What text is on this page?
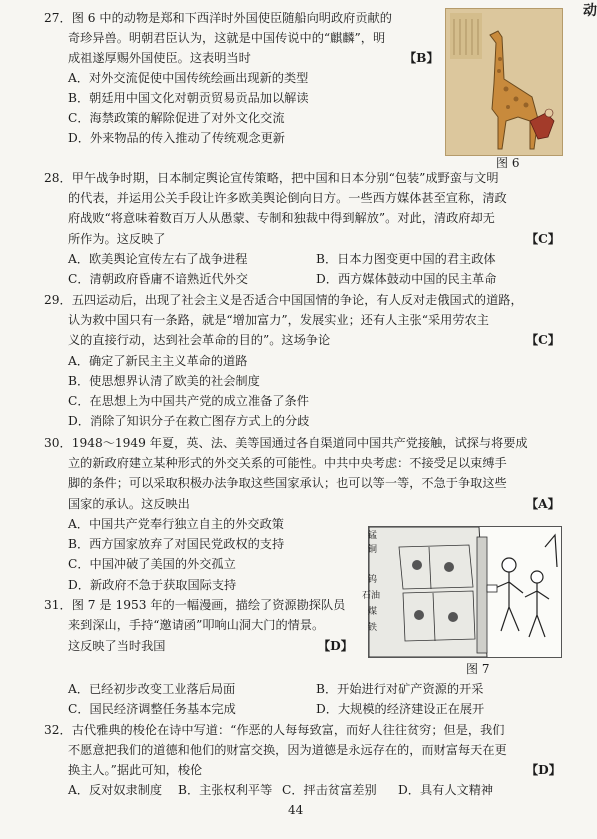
动
27．图 6 中的动物是郑和下西洋时外国使臣随船向明政府贡献的
奇珍异兽。明朝君臣认为，这就是中国传说中的“麒麟”，明
成祖遂厚赐外国使臣。这表明当时	【B】
A．对外交流促使中国传统绘画出现新的类型
B．朝廷用中国文化对朝贡贸易贡品加以解读
C．海禁政策的解除促进了对外文化交流
D．外来物品的传入推动了传统观念更新
图 6
28．甲午战争时期，日本制定舆论宣传策略，把中国和日本分别“包装”成野蛮与文明
的代表，并运用公关手段让许多欧美舆论倒向日方。一些西方媒体甚至宣称，清政
府战败“将意味着数百万人从愚蒙、专制和独裁中得到解放”。对此，清政府却无
所作为。这反映了	【C】
A．欧美舆论宣传左右了战争进程	B．日本力图变更中国的君主政体
C．清朝政府昏庸不谙熟近代外交	D．西方媒体鼓动中国的民主革命
29．五四运动后，出现了社会主义是否适合中国国情的争论，有人反对走俄国式的道路，
认为救中国只有一条路，就是“增加富力”，发展实业；还有人主张“采用劳农主
义的直接行动，达到社会革命的目的”。这场争论	【C】
A．确定了新民主主义革命的道路
B．使思想界认清了欧美的社会制度
C．在思想上为中国共产党的成立准备了条件
D．消除了知识分子在救亡图存方式上的分歧
30．1948～1949 年夏，英、法、美等国通过各自渠道同中国共产党接触，试探与将要成
立的新政府建立某种形式的外交关系的可能性。中共中央考虑：不接受足以束缚手
脚的条件；可以采取积极办法争取这些国家承认；也可以等一等，不急于争取这些
国家的承认。这反映出	【A】
A．中国共产党奉行独立自主的外交政策
B．西方国家放弃了对国民党政权的支持
C．中国冲破了美国的外交孤立
D．新政府不急于获取国际支持
锰
铜
钨
石油
煤
铁
图 7
31．图 7 是 1953 年的一幅漫画，描绘了资源勘探队员
来到深山，手持“邀请函”叩响山洞大门的情景。
这反映了当时我国	【D】
A．已经初步改变工业落后局面	B．开始进行对矿产资源的开采
C．国民经济调整任务基本完成	D．大规模的经济建设正在展开
32．古代雅典的梭伦在诗中写道：“作恶的人每每致富，而好人往往贫穷；但是，我们
不愿意把我们的道德和他们的财富交换，因为道德是永远存在的，而财富每天在更
换主人。”据此可知，梭伦	【D】
A．反对奴隶制度 B．主张权利平等 C．抨击贫富差别 D．具有人文精神
44
